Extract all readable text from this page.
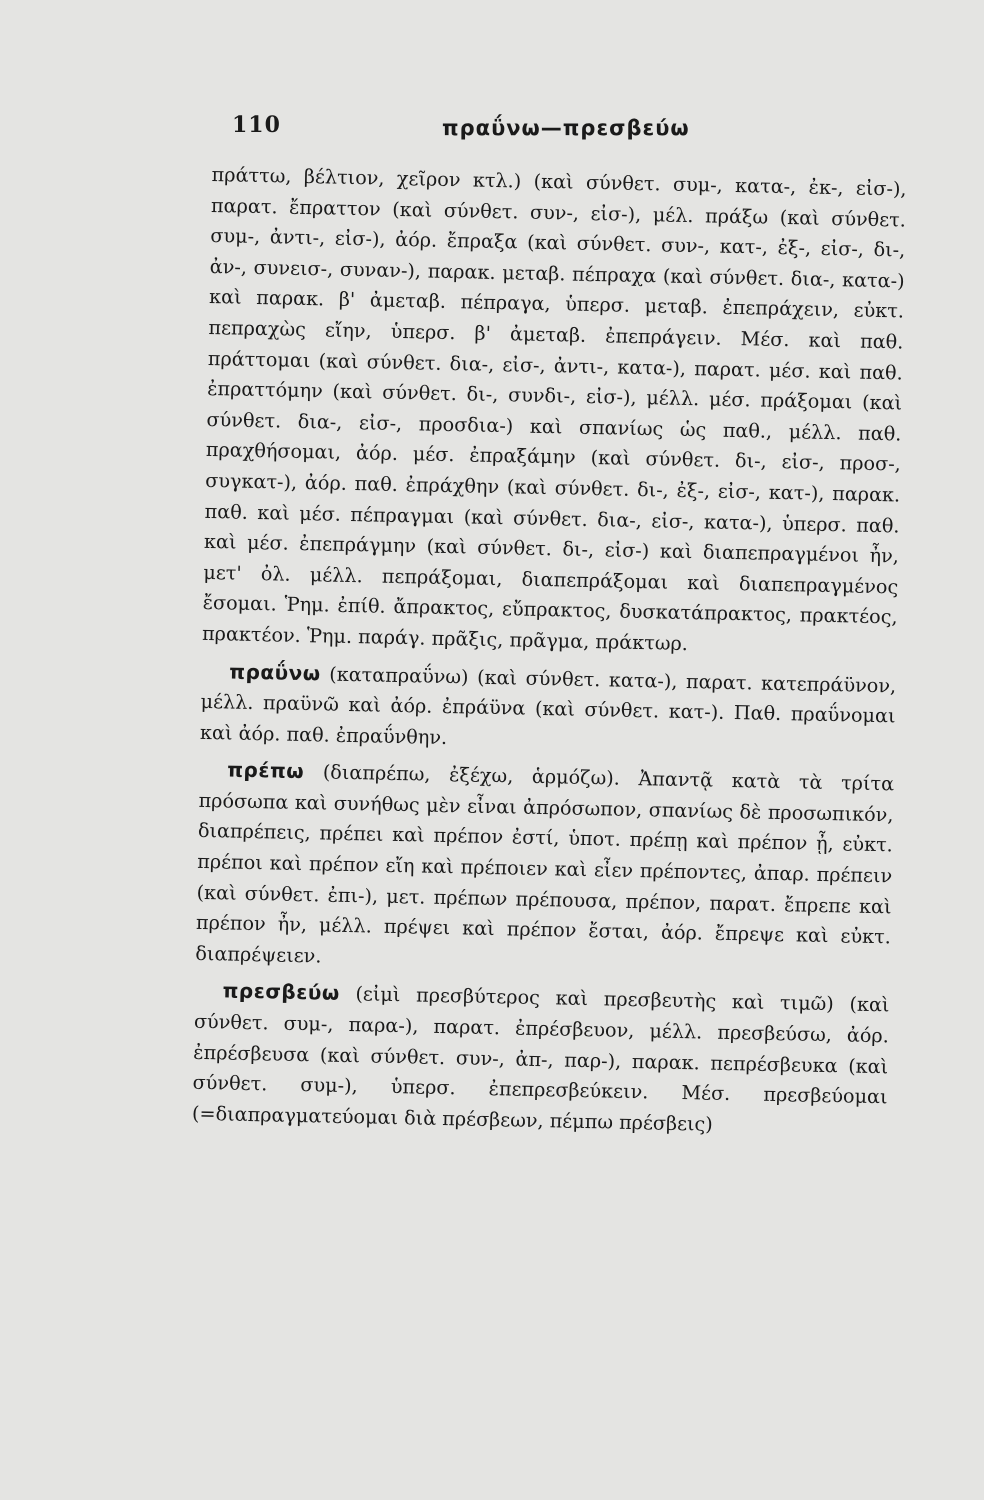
110	πραΰνω—πρεσβεύω

πράττω, βέλτιον, χεῖρον κτλ.) (καὶ σύνθετ. συμ-, κατα-, ἐκ-, εἰσ-), παρατ. ἔπραττον (καὶ σύνθετ. συν-, εἰσ-), μέλ. πράξω (καὶ σύνθετ. συμ-, ἀντι-, εἰσ-), ἀόρ. ἔπραξα (καὶ σύνθετ. συν-, κατ-, ἐξ-, εἰσ-, δι-, ἀν-, συνεισ-, συναν-), παρακ. μεταβ. πέπραχα (καὶ σύνθετ. δια-, κατα-) καὶ παρακ. β' ἀμεταβ. πέπραγα, ὑπερσ. μεταβ. ἐπεπράχειν, εὐκτ. πεπραχὼς εἴην, ὑπερσ. β' ἀμεταβ. ἐπεπράγειν. Μέσ. καὶ παθ. πράττομαι (καὶ σύνθετ. δια-, εἰσ-, ἀντι-, κατα-), παρατ. μέσ. καὶ παθ. ἐπραττόμην (καὶ σύνθετ. δι-, συνδι-, εἰσ-), μέλλ. μέσ. πράξομαι (καὶ σύνθετ. δια-, εἰσ-, προσδια-) καὶ σπανίως ὡς παθ., μέλλ. παθ. πραχθήσομαι, ἀόρ. μέσ. ἐπραξάμην (καὶ σύνθετ. δι-, εἰσ-, προσ-, συγκατ-), ἀόρ. παθ. ἐπράχθην (καὶ σύνθετ. δι-, ἐξ-, εἰσ-, κατ-), παρακ. παθ. καὶ μέσ. πέπραγμαι (καὶ σύνθετ. δια-, εἰσ-, κατα-), ὑπερσ. παθ. καὶ μέσ. ἐπεπράγμην (καὶ σύνθετ. δι-, εἰσ-) καὶ διαπεπραγμένοι ἦν, μετ' ὀλ. μέλλ. πεπράξομαι, διαπεπράξομαι καὶ διαπεπραγμένος ἔσομαι. Ῥημ. ἐπίθ. ἄπρακτος, εὔπρακτος, δυσκατάπρακτος, πρακτέος, πρακτέον. Ῥημ. παράγ. πρᾶξις, πρᾶγμα, πράκτωρ.

πραΰνω (καταπραΰνω) (καὶ σύνθετ. κατα-), παρατ. κατεπράϋνον, μέλλ. πραϋνῶ καὶ ἀόρ. ἐπράϋνα (καὶ σύνθετ. κατ-). Παθ. πραΰνομαι καὶ ἀόρ. παθ. ἐπραΰνθην.

πρέπω (διαπρέπω, ἐξέχω, ἁρμόζω). Ἀπαντᾷ κατὰ τὰ τρίτα πρόσωπα καὶ συνήθως μὲν εἶναι ἀπρόσωπον, σπανίως δὲ προσωπικόν, διαπρέπεις, πρέπει καὶ πρέπον ἐστί, ὑποτ. πρέπῃ καὶ πρέπον ᾖ, εὐκτ. πρέποι καὶ πρέπον εἴη καὶ πρέποιεν καὶ εἶεν πρέποντες, ἀπαρ. πρέπειν (καὶ σύνθετ. ἐπι-), μετ. πρέπων πρέπουσα, πρέπον, παρατ. ἔπρεπε καὶ πρέπον ἦν, μέλλ. πρέψει καὶ πρέπον ἔσται, ἀόρ. ἔπρεψε καὶ εὐκτ. διαπρέψειεν.

πρεσβεύω (εἰμὶ πρεσβύτερος καὶ πρεσβευτὴς καὶ τιμῶ) (καὶ σύνθετ. συμ-, παρα-), παρατ. ἐπρέσβευον, μέλλ. πρεσβεύσω, ἀόρ. ἐπρέσβευσα (καὶ σύνθετ. συν-, ἀπ-, παρ-), παρακ. πεπρέσβευκα (καὶ σύνθετ. συμ-), ὑπερσ. ἐπεπρεσβεύκειν. Μέσ. πρεσβεύομαι (=διαπραγματεύομαι διὰ πρέσβεων, πέμπω πρέσβεις)
